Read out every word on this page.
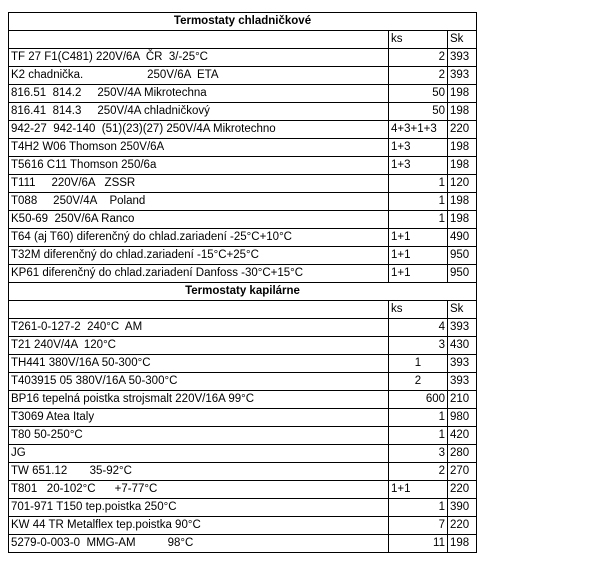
Termostaty chladničkové		
	ks	Sk
TF 27 F1(C481) 220V/6A  ČR  3/-25°C	2	393
K2 chadnička.                    250V/6A  ETA	2	393
816.51  814.2     250V/4A Mikrotechna	50	198
816.41  814.3     250V/4A chladničkový	50	198
942-27  942-140  (51)(23)(27) 250V/4A Mikrotechno	4+3+1+3	220
T4H2 W06 Thomson 250V/6A	1+3	198
T5616 C11 Thomson 250/6a	1+3	198
T111     220V/6A   ZSSR	1	120
T088     250V/4A    Poland	1	198
K50-69  250V/6A Ranco	1	198
T64 (aj T60) diferenčný do chlad.zariadení -25°C+10°C	1+1	490
T32M diferenčný do chlad.zariadení -15°C+25°C	1+1	950
KP61 diferenčný do chlad.zariadení Danfoss -30°C+15°C	1+1	950
Termostaty kapilárne		
	ks	Sk
T261-0-127-2  240°C  AM	4	393
T21 240V/4A  120°C	3	430
TH441 380V/16A 50-300°C	1	393
T403915 05 380V/16A 50-300°C	2	393
BP16 tepelná poistka strojsmalt 220V/16A 99°C	600	210
T3069 Atea Italy	1	980
T80 50-250°C	1	420
JG	3	280
TW 651.12       35-92°C	2	270
T801   20-102°C      +7-77°C	1+1	220
701-971 T150 tep.poistka 250°C	1	390
KW 44 TR Metalflex tep.poistka 90°C	7	220
5279-0-003-0  MMG-AM          98°C	11	198
